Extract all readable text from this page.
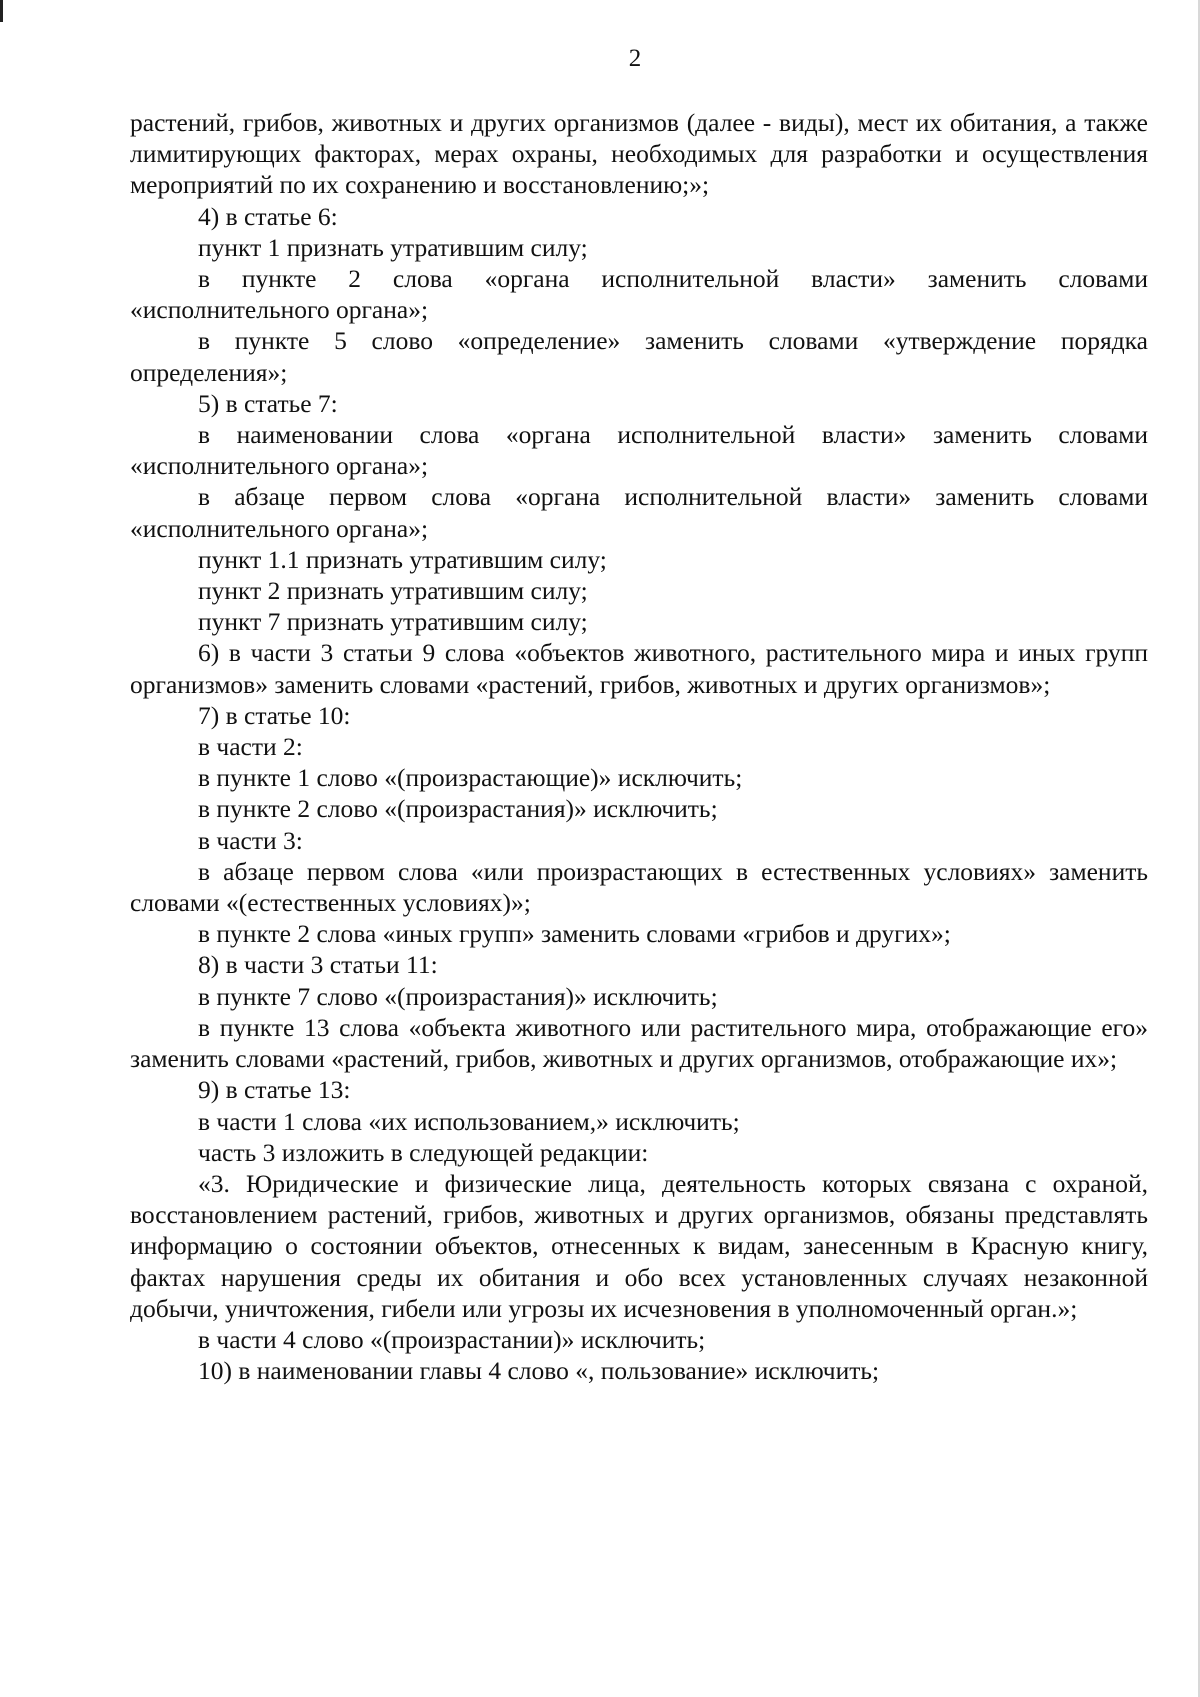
2

растений, грибов, животных и других организмов (далее - виды), мест их обитания, а также лимитирующих факторах, мерах охраны, необходимых для разработки и осуществления мероприятий по их сохранению и восстановлению;»;

4) в статье 6:

пункт 1 признать утратившим силу;

в пункте 2 слова «органа исполнительной власти» заменить словами «исполнительного органа»;

в пункте 5 слово «определение» заменить словами «утверждение порядка определения»;

5) в статье 7:

в наименовании слова «органа исполнительной власти» заменить словами «исполнительного органа»;

в абзаце первом слова «органа исполнительной власти» заменить словами «исполнительного органа»;

пункт 1.1 признать утратившим силу;

пункт 2 признать утратившим силу;

пункт 7 признать утратившим силу;

6) в части 3 статьи 9 слова «объектов животного, растительного мира и иных групп организмов» заменить словами «растений, грибов, животных и других организмов»;

7) в статье 10:

в части 2:

в пункте 1 слово «(произрастающие)» исключить;

в пункте 2 слово «(произрастания)» исключить;

в части 3:

в абзаце первом слова «или произрастающих в естественных условиях» заменить словами «(естественных условиях)»;

в пункте 2 слова «иных групп» заменить словами «грибов и других»;

8) в части 3 статьи 11:

в пункте 7 слово «(произрастания)» исключить;

в пункте 13 слова «объекта животного или растительного мира, отображающие его» заменить словами «растений, грибов, животных и других организмов, отображающие их»;

9) в статье 13:

в части 1 слова «их использованием,» исключить;

часть 3 изложить в следующей редакции:

«3. Юридические и физические лица, деятельность которых связана с охраной, восстановлением растений, грибов, животных и других организмов, обязаны представлять информацию о состоянии объектов, отнесенных к видам, занесенным в Красную книгу, фактах нарушения среды их обитания и обо всех установленных случаях незаконной добычи, уничтожения, гибели или угрозы их исчезновения в уполномоченный орган.»;

в части 4 слово «(произрастании)» исключить;

10) в наименовании главы 4 слово «, пользование» исключить;
